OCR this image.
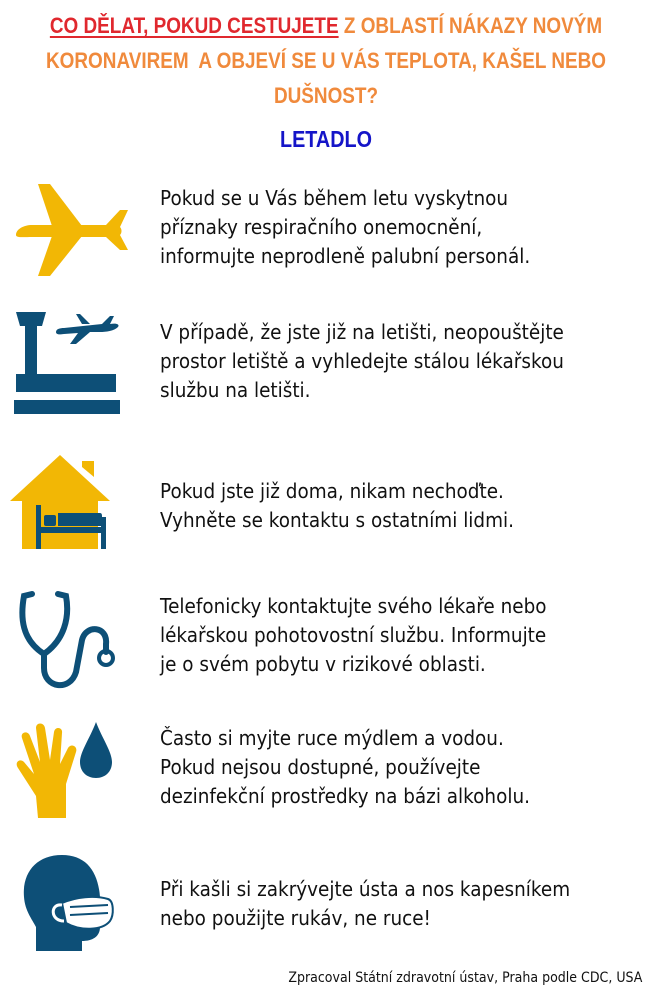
CO DĚLAT, POKUD CESTUJETE Z OBLASTÍ NÁKAZY NOVÝM
KORONAVIREM  A OBJEVÍ SE U VÁS TEPLOTA, KAŠEL NEBO
DUŠNOST?
LETADLO
Pokud se u Vás během letu vyskytnou
příznaky respiračního onemocnění,
informujte neprodleně palubní personál.
V případě, že jste již na letišti, neopouštějte
prostor letiště a vyhledejte stálou lékařskou
službu na letišti.
Pokud jste již doma, nikam nechoďte.
Vyhněte se kontaktu s ostatními lidmi.
Telefonicky kontaktujte svého lékaře nebo
lékařskou pohotovostní službu. Informujte
je o svém pobytu v rizikové oblasti.
Často si myjte ruce mýdlem a vodou.
Pokud nejsou dostupné, používejte
dezinfekční prostředky na bázi alkoholu.
Při kašli si zakrývejte ústa a nos kapesníkem
nebo použijte rukáv, ne ruce!
Zpracoval Státní zdravotní ústav, Praha podle CDC, USA
